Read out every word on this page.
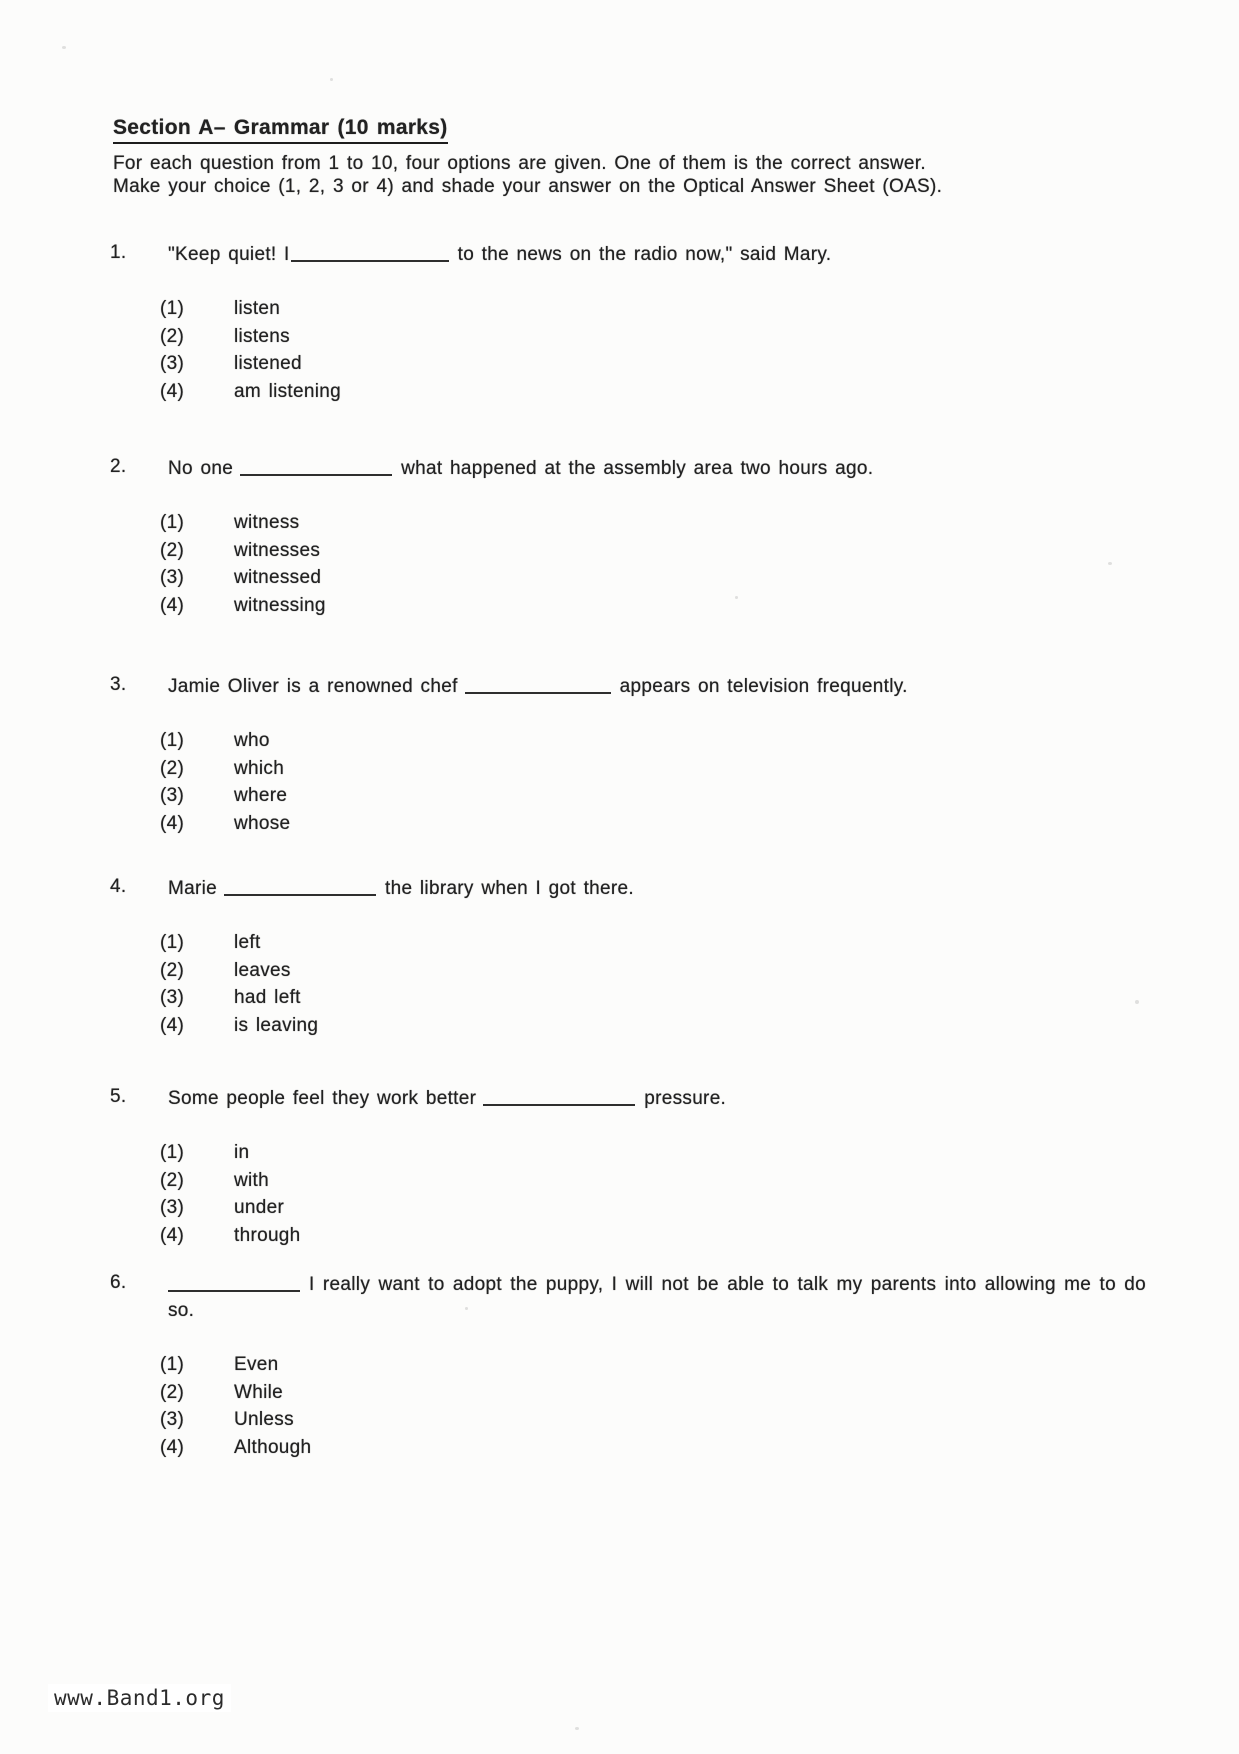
Section A– Grammar (10 marks)
For each question from 1 to 10, four options are given. One of them is the correct answer.
Make your choice (1, 2, 3 or 4) and shade your answer on the Optical Answer Sheet (OAS).
1. "Keep quiet! I	to the news on the radio now," said Mary.
(1)	listen
(2)	listens
(3)	listened
(4)	am listening
2. No one	what happened at the assembly area two hours ago.
(1)	witness
(2)	witnesses
(3)	witnessed
(4)	witnessing
3. Jamie Oliver is a renowned chef	appears on television frequently.
(1)	who
(2)	which
(3)	where
(4)	whose
4. Marie	the library when I got there.
(1)	left
(2)	leaves
(3)	had left
(4)	is leaving
5. Some people feel they work better	pressure.
(1)	in
(2)	with
(3)	under
(4)	through
6.	I really want to adopt the puppy, I will not be able to talk my parents into allowing me to do so.
(1)	Even
(2)	While
(3)	Unless
(4)	Although
www.Band1.org
